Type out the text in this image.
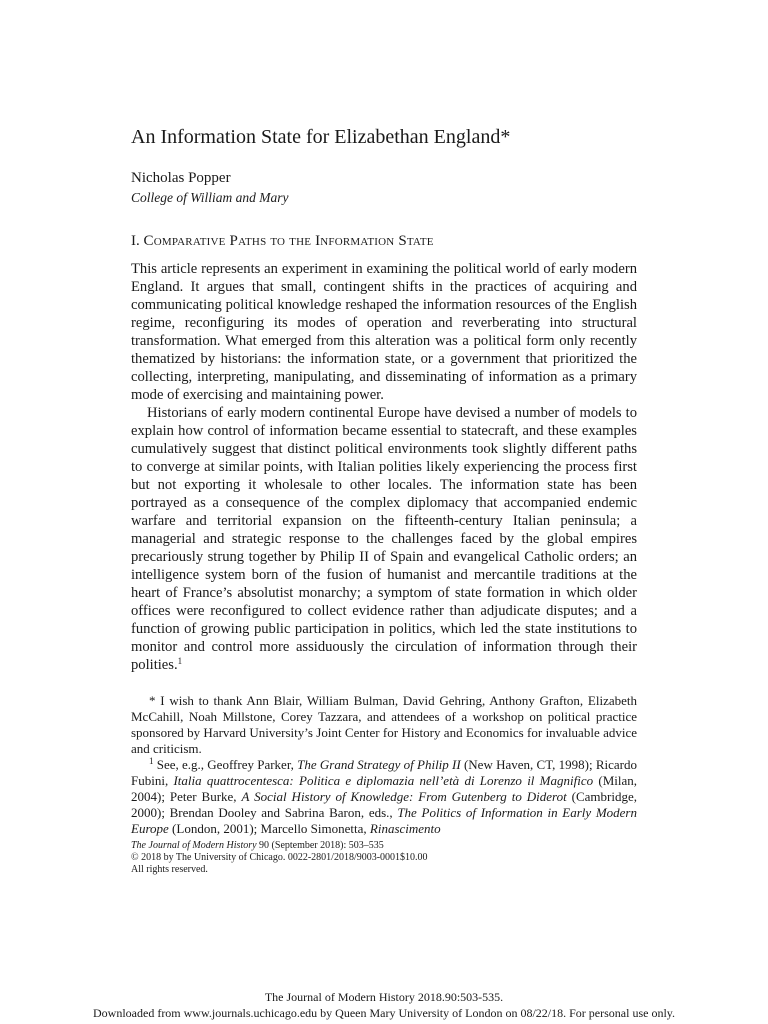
An Information State for Elizabethan England*
Nicholas Popper
College of William and Mary
I. Comparative Paths to the Information State

This article represents an experiment in examining the political world of early modern England. It argues that small, contingent shifts in the practices of acquiring and communicating political knowledge reshaped the information resources of the English regime, reconfiguring its modes of operation and reverberating into structural transformation. What emerged from this alteration was a political form only recently thematized by historians: the information state, or a government that prioritized the collecting, interpreting, manipulating, and disseminating of information as a primary mode of exercising and maintaining power.

Historians of early modern continental Europe have devised a number of models to explain how control of information became essential to statecraft, and these examples cumulatively suggest that distinct political environments took slightly different paths to converge at similar points, with Italian polities likely experiencing the process first but not exporting it wholesale to other locales. The information state has been portrayed as a consequence of the complex diplomacy that accompanied endemic warfare and territorial expansion on the fifteenth-century Italian peninsula; a managerial and strategic response to the challenges faced by the global empires precariously strung together by Philip II of Spain and evangelical Catholic orders; an intelligence system born of the fusion of humanist and mercantile traditions at the heart of France’s absolutist monarchy; a symptom of state formation in which older offices were reconfigured to collect evidence rather than adjudicate disputes; and a function of growing public participation in politics, which led the state institutions to monitor and control more assiduously the circulation of information through their polities.$^1$

* I wish to thank Ann Blair, William Bulman, David Gehring, Anthony Grafton, Elizabeth McCahill, Noah Millstone, Corey Tazzara, and attendees of a workshop on political practice sponsored by Harvard University’s Joint Center for History and Economics for invaluable advice and criticism.

$^1$ See, e.g., Geoffrey Parker, The Grand Strategy of Philip II (New Haven, CT, 1998); Ricardo Fubini, Italia quattrocentesca: Politica e diplomazia nell’età di Lorenzo il Magnifico (Milan, 2004); Peter Burke, A Social History of Knowledge: From Gutenberg to Diderot (Cambridge, 2000); Brendan Dooley and Sabrina Baron, eds., The Politics of Information in Early Modern Europe (London, 2001); Marcello Simonetta, Rinascimento

The Journal of Modern History 90 (September 2018): 503–535
© 2018 by The University of Chicago. 0022-2801/2018/9003-0001$10.00
All rights reserved.
The Journal of Modern History 2018.90:503-535.
Downloaded from www.journals.uchicago.edu by Queen Mary University of London on 08/22/18. For personal use only.
